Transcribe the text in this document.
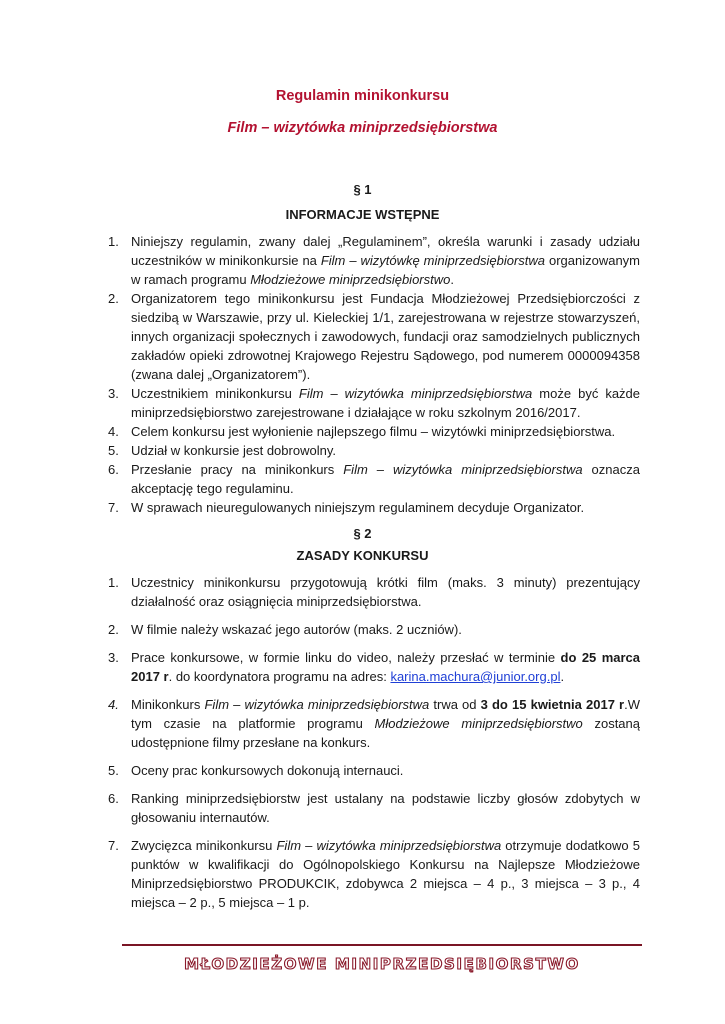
Regulamin minikonkursu
Film – wizytówka miniprzedsiębiorstwa
§ 1
INFORMACJE WSTĘPNE
1. Niniejszy regulamin, zwany dalej „Regulaminem”, określa warunki i zasady udziału uczestników w minikonkursie na Film – wizytówkę miniprzedsiębiorstwa organizowanym w ramach programu Młodzieżowe miniprzedsiębiorstwo.
2. Organizatorem tego minikonkursu jest Fundacja Młodzieżowej Przedsiębiorczości z siedzibą w Warszawie, przy ul. Kieleckiej 1/1, zarejestrowana w rejestrze stowarzyszeń, innych organizacji społecznych i zawodowych, fundacji oraz samodzielnych publicznych zakładów opieki zdrowotnej Krajowego Rejestru Sądowego, pod numerem 0000094358 (zwana dalej „Organizatorem”).
3. Uczestnikiem minikonkursu Film – wizytówka miniprzedsiębiorstwa może być każde miniprzedsiębiorstwo zarejestrowane i działające w roku szkolnym 2016/2017.
4. Celem konkursu jest wyłonienie najlepszego filmu – wizytówki miniprzedsiębiorstwa.
5. Udział w konkursie jest dobrowolny.
6. Przesłanie pracy na minikonkurs Film – wizytówka miniprzedsiębiorstwa oznacza akceptację tego regulaminu.
7. W sprawach nieuregulowanych niniejszym regulaminem decyduje Organizator.
§ 2
ZASADY KONKURSU
1. Uczestnicy minikonkursu przygotowują krótki film (maks. 3 minuty) prezentujący działalność oraz osiągnięcia miniprzedsiębiorstwa.
2. W filmie należy wskazać jego autorów (maks. 2 uczniów).
3. Prace konkursowe, w formie linku do video, należy przesłać w terminie do 25 marca 2017 r. do koordynatora programu na adres: karina.machura@junior.org.pl.
4. Minikonkurs Film – wizytówka miniprzedsiębiorstwa trwa od 3 do 15 kwietnia 2017 r.W tym czasie na platformie programu Młodzieżowe miniprzedsiębiorstwo zostaną udostępnione filmy przesłane na konkurs.
5. Oceny prac konkursowych dokonują internauci.
6. Ranking miniprzedsiębiorstw jest ustalany na podstawie liczby głosów zdobytych w głosowaniu internautów.
7. Zwycięzca minikonkursu Film – wizytówka miniprzedsiębiorstwa otrzymuje dodatkowo 5 punktów w kwalifikacji do Ogólnopolskiego Konkursu na Najlepsze Młodzieżowe Miniprzedsiębiorstwo PRODUKCIK, zdobywca 2 miejsca – 4 p., 3 miejsca – 3 p., 4 miejsca – 2 p., 5 miejsca – 1 p.
MŁODZIEŻOWE MINIPRZEDSIĘBIORSTWO
